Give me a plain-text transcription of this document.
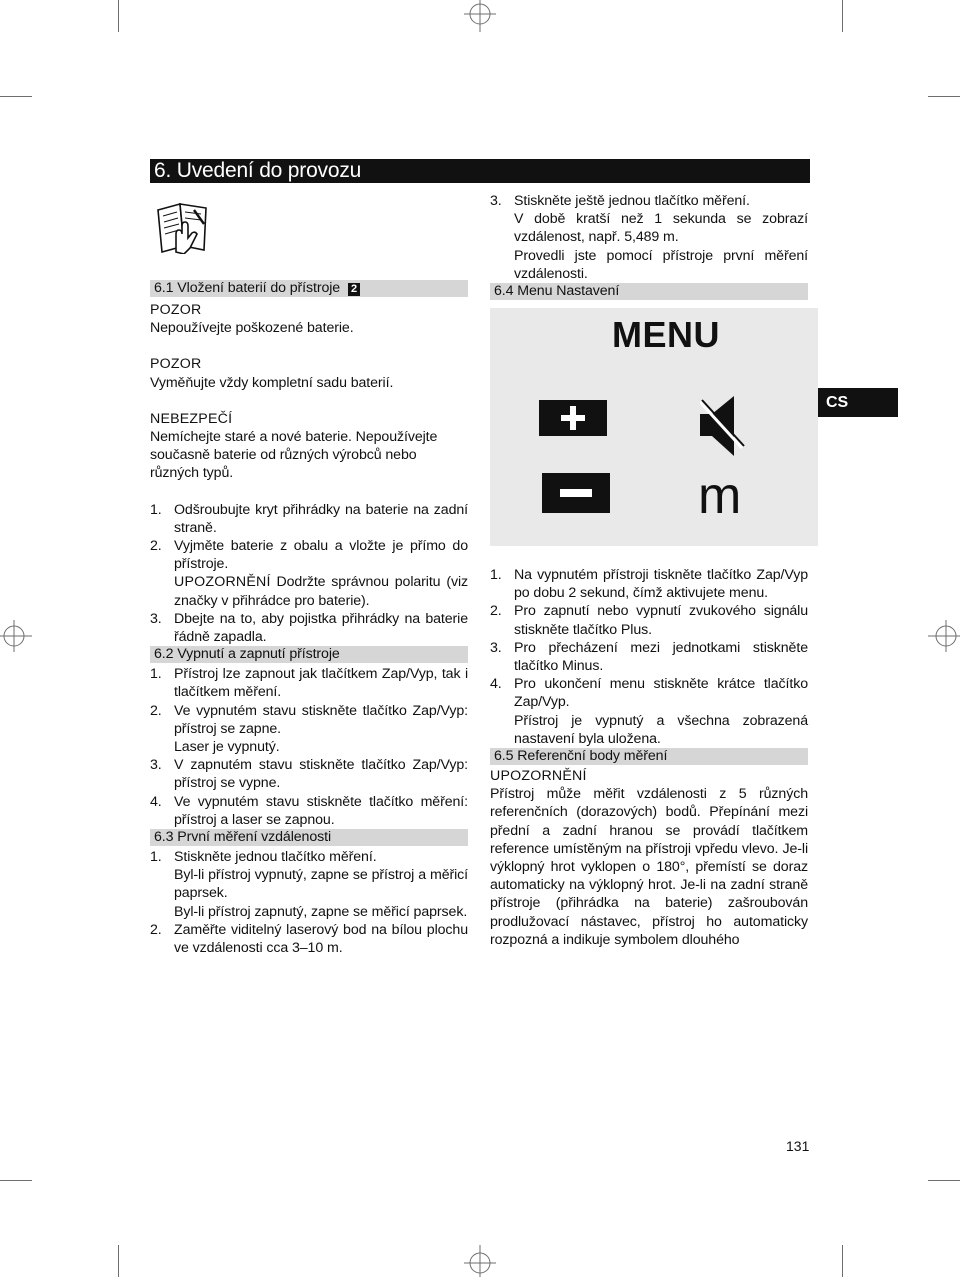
6. Uvedení do provozu
6.1 Vložení baterií do přístroje 2

POZOR

Nepoužívejte poškozené baterie.

POZOR

Vyměňujte vždy kompletní sadu baterií.

NEBEZPEČÍ

Nemíchejte staré a nové baterie. Nepoužívejte současně baterie od různých výrobců nebo různých typů.

1. Odšroubujte kryt přihrádky na baterie na zadní straně.
2. Vyjměte baterie z obalu a vložte je přímo do přístroje.
UPOZORNĚNÍ Dodržte správnou polaritu (viz značky v přihrádce pro baterie).
3. Dbejte na to, aby pojistka přihrádky na baterie řádně zapadla.
6.2 Vypnutí a zapnutí přístroje
1. Přístroj lze zapnout jak tlačítkem Zap/Vyp, tak i tlačítkem měření.
2. Ve vypnutém stavu stiskněte tlačítko Zap/Vyp: přístroj se zapne.
Laser je vypnutý.
3. V zapnutém stavu stiskněte tlačítko Zap/Vyp: přístroj se vypne.
4. Ve vypnutém stavu stiskněte tlačítko měření: přístroj a laser se zapnou.
6.3 První měření vzdálenosti
1. Stiskněte jednou tlačítko měření.
Byl-li přístroj vypnutý, zapne se přístroj a měřicí paprsek.
Byl-li přístroj zapnutý, zapne se měřicí paprsek.
2. Zaměřte viditelný laserový bod na bílou plochu ve vzdálenosti cca 3–10 m.
3. Stiskněte ještě jednou tlačítko měření.
V době kratší než 1 sekunda se zobrazí vzdálenost, např. 5,489 m.
Provedli jste pomocí přístroje první měření vzdálenosti.
6.4 Menu Nastavení
MENU
m
1. Na vypnutém přístroji tiskněte tlačítko Zap/Vyp po dobu 2 sekund, čímž aktivujete menu.
2. Pro zapnutí nebo vypnutí zvukového signálu stiskněte tlačítko Plus.
3. Pro přecházení mezi jednotkami stiskněte tlačítko Minus.
4. Pro ukončení menu stiskněte krátce tlačítko Zap/Vyp.
Přístroj je vypnutý a všechna zobrazená nastavení byla uložena.
6.5 Referenční body měření

UPOZORNĚNÍ

Přístroj může měřit vzdálenosti z 5 různých referenčních (dorazových) bodů. Přepínání mezi přední a zadní hranou se provádí tlačítkem reference umístěným na přístroji vpředu vlevo. Je-li výklopný hrot vyklopen o 180°, přemístí se doraz automaticky na výklopný hrot. Je-li na zadní straně přístroje (přihrádka na baterie) zašroubován prodlužovací nástavec, přístroj ho automaticky rozpozná a indikuje symbolem dlouhého

CS
131
